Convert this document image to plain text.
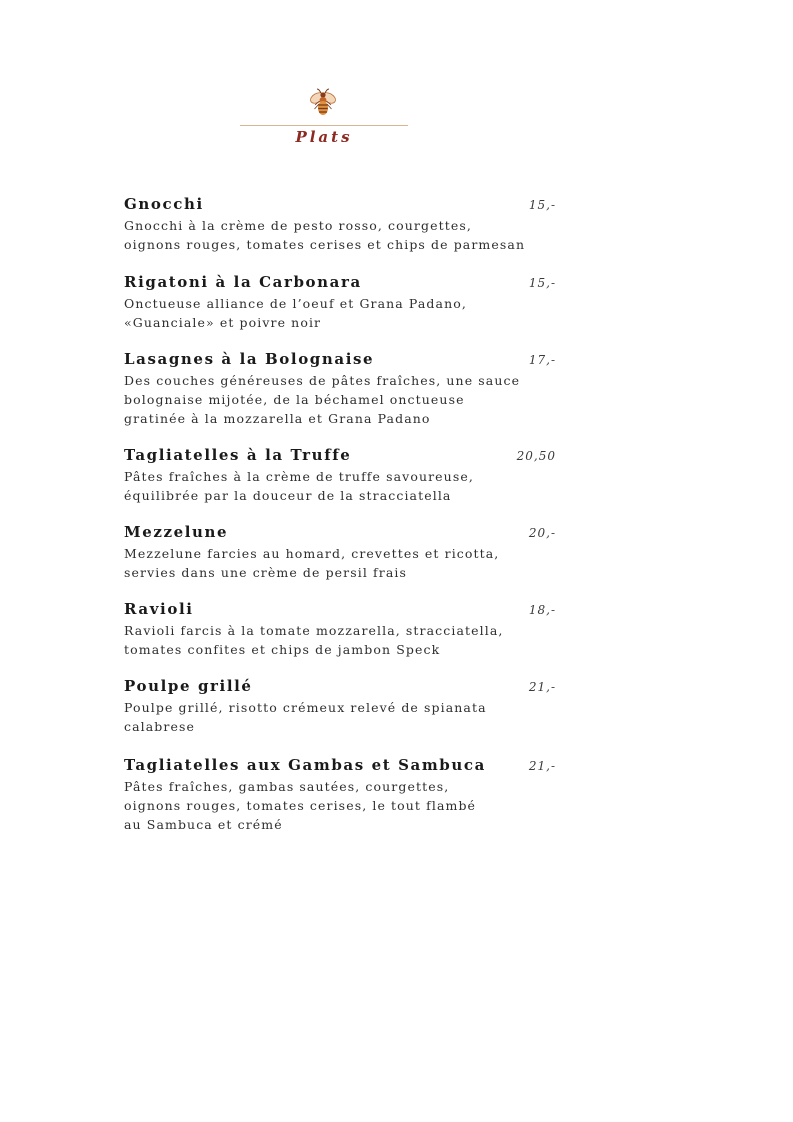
Plats
Gnocchi	15,-
Gnocchi à la crème de pesto rosso, courgettes,
oignons rouges, tomates cerises et chips de parmesan
Rigatoni à la Carbonara	15,-
Onctueuse alliance de l’oeuf et Grana Padano,
«Guanciale» et poivre noir
Lasagnes à la Bolognaise	17,-
Des couches généreuses de pâtes fraîches, une sauce
bolognaise mijotée, de la béchamel onctueuse
gratinée à la mozzarella et Grana Padano
Tagliatelles à la Truffe	20,50
Pâtes fraîches à la crème de truffe savoureuse,
équilibrée par la douceur de la stracciatella
Mezzelune	20,-
Mezzelune farcies au homard, crevettes et ricotta,
servies dans une crème de persil frais
Ravioli	18,-
Ravioli farcis à la tomate mozzarella, stracciatella,
tomates confites et chips de jambon Speck
Poulpe grillé	21,-
Poulpe grillé, risotto crémeux relevé de spianata
calabrese
Tagliatelles aux Gambas et Sambuca	21,-
Pâtes fraîches, gambas sautées, courgettes,
oignons rouges, tomates cerises, le tout flambé
au Sambuca et crémé
